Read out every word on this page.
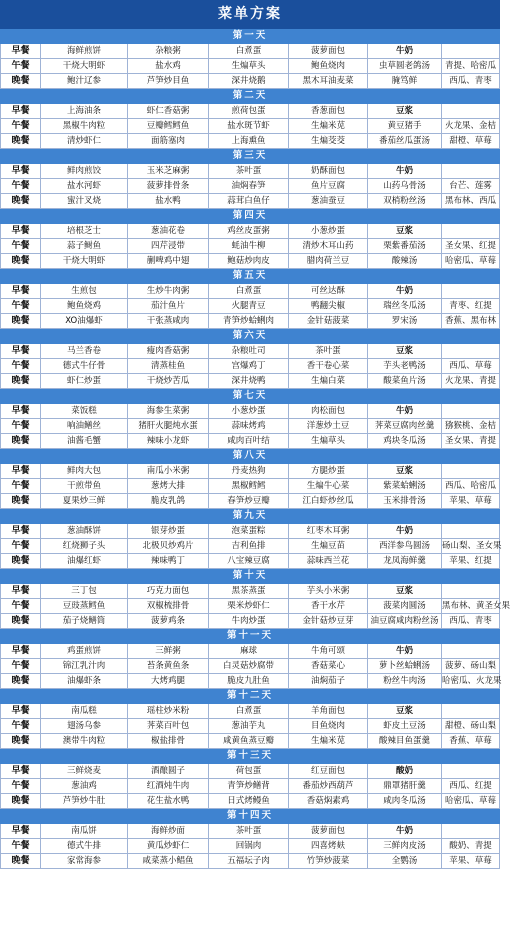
菜单方案						
第一天						
早餐	海鲜煎饼	杂粮粥	白煮蛋	菠萝面包	牛奶	
午餐	干烧大明虾	盐水鸡	生煸草头	鲍鱼烧肉	虫草圆老鸽汤	青提、哈密瓜
晚餐	鲍汁辽参	芦笋炒目鱼	深井烧鹅	黑木耳油麦菜	腌笃鲜	西瓜、青枣
第二天						
早餐	上海油条	虾仁香菇粥	煎荷包蛋	香葱面包	豆浆	
午餐	黑椒牛肉粒	豆瓣鳕鳕鱼	盐水斑节虾	生煸米苋	黄豆猪手	火龙果、金桔
晚餐	清炒虾仁	面筋塞肉	上海熏鱼	生煸茭茭	番茄丝瓜蛋汤	甜橙、草莓
第三天						
早餐	鲜肉煎饺	玉米芝麻粥	茶叶蛋	奶酥面包	牛奶	
午餐	盐水河虾	菠萝排骨条	油焖春笋	鱼片豆腐	山药乌骨汤	台芒、莲雾
晚餐	蜜汁叉烧	盐水鸭	蒜茸白鱼仔	葱油蚕豆	双梢粉丝汤	黑布林、西瓜
第四天						
早餐	培根芝士	葱油花卷	鸡丝皮蛋粥	小葱炒蛋	豆浆	
午餐	蒜子鲥鱼	四芹浸带	蚝油牛柳	清炒木耳山药	栗紫番茄汤	圣女果、红提
晚餐	干烧大明虾	蒯啤鸡中翅	鲍菇炒肉皮	腊肉荷兰豆	酸辣汤	哈密瓜、草莓
第五天						
早餐	生煎包	生炒牛肉粥	白煮蛋	可丝达酥	牛奶	
午餐	鲍鱼烧鸡	茄汁鱼片	火腿青豆	鸭翻尖椒	瑞丝冬瓜汤	青枣、红提
晚餐	XO油爆虾	干张蒸咸肉	青笋炒蛤蜊肉	金针菇菠菜	罗宋汤	香蕉、黑布林
第六天						
早餐	马兰香卷	瘦肉香菇粥	杂粮吐司	茶叶蛋	豆浆	
午餐	德式牛仔骨	清蒸桂鱼	宫爆鸡丁	香干卷心菜	芋头老鸭汤	西瓜、草莓
晚餐	虾仁炒蛋	干烧炒苦瓜	深井烧鸭	生煸白菜	酸菜鱼片汤	火龙果、青提
第七天						
早餐	菜饭糕	海参生菜粥	小葱炒蛋	肉松面包	牛奶	
午餐	响油鳝丝	猪肝火腿炖水蛋	蒜味烤鸡	洋葱炒土豆	荠菜豆腐肉丝羹	猕猴桃、金桔
晚餐	油酱毛蟹	辣味小龙虾	咸肉百叶结	生煸草头	鸡块冬瓜汤	圣女果、青提
第八天						
早餐	鲜肉大包	南瓜小米粥	丹麦热狗	方腿炒蛋	豆浆	
午餐	干煎带鱼	葱烤大排	黑椒鳕鳕	生煸牛心菜	紫菜蛤蜊汤	西瓜、哈密瓜
晚餐	夏果炒三鲜	脆皮乳鸽	春笋炒豆瓣	江白虾炒丝瓜	玉米排骨汤	苹果、草莓
第九天						
早餐	葱油酥饼	银芽炒蛋	泡菜蛋粽	红枣木耳粥	牛奶	
午餐	红烧狮子头	北极贝炒鸡片	吉利鱼排	生煸豆苗	西洋参鸟圆汤	砀山梨、圣女果
晚餐	油爆红虾	辣味鸭丁	八宝辣豆腐	蒜味西兰花	龙凤海鲜羹	苹果、红提
第十天						
早餐	三丁包	巧克力面包	黑茶蒸蛋	芋头小米粥	豆浆	
午餐	豆豉蒸鳕鱼	双椒梳排骨	栗米炒虾仁	香干水芹	菠菜肉圆汤	黑布林、黄圣女果
晚餐	茄子烧鳝筒	菠萝鸡条	牛肉炒蛋	金针菇炒豆芽	油豆腐咸肉粉丝汤	西瓜、青枣
第十一天						
早餐	鸡蛋煎饼	三鲜粥	麻球	牛角可颂	牛奶	
午餐	锦江乳汁肉	苔条黄鱼条	白灵菇炒腐带	香菇菜心	萝卜丝蛤蜊汤	菠萝、砀山梨
晚餐	油爆虾条	大烤鸡腿	脆皮九肚鱼	油焖茄子	粉丝牛肉汤	哈密瓜、火龙果
第十二天						
早餐	南瓜糕	瑶柱炒米粉	白煮蛋	羊角面包	豆浆	
午餐	翅汤乌参	荠菜百叶包	葱油芋丸	目鱼烧肉	虾皮土豆汤	甜橙、砀山梨
晚餐	澳带牛肉粒	椒盐排骨	咸黄鱼蒸豆瓣	生煸米苋	酸辣目鱼蛋羹	香蕉、草莓
第十三天						
早餐	三鲜烧麦	酒酿圆子	荷包蛋	红豆面包	酸奶	
午餐	葱油鸡	红酒炖牛肉	青笋炒鳝背	番茄炒西葫芦	鼎罩猪肝羹	西瓜、红提
晚餐	芦笋炒牛肚	花生盐水鸭	日式烤鳗鱼	香菇焖素鸡	咸肉冬瓜汤	哈密瓜、草莓
第十四天						
早餐	南瓜饼	海鲜炒面	茶叶蛋	菠萝面包	牛奶	
午餐	德式牛排	黄瓜炒虾仁	回锅肉	四喜烤麸	三鲜肉皮汤	酸奶、青提
晚餐	家常海参	咸菜蒸小鲳鱼	五福坛子肉	竹笋炒菠菜	全鹦汤	苹果、草莓
